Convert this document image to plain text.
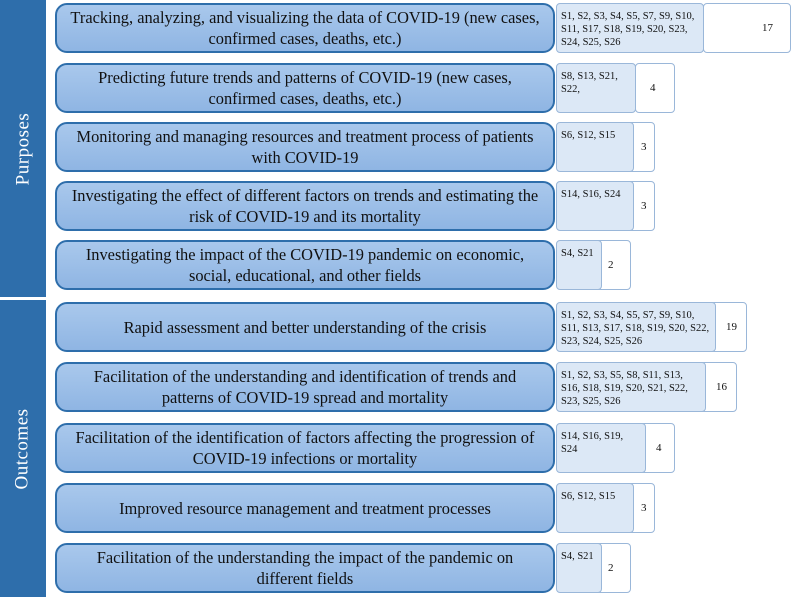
Purposes
Tracking, analyzing, and visualizing the data of COVID-19 (new cases, confirmed cases, deaths, etc.)
17
S1, S2, S3, S4, S5, S7, S9, S10, S11, S17, S18, S19, S20, S23, S24, S25, S26
Predicting future trends and patterns of COVID-19 (new cases, confirmed cases, deaths, etc.)
4
S8, S13, S21, S22,
Monitoring and managing resources and treatment process of patients with COVID-19
3
S6, S12, S15
Investigating the effect of different factors on trends and estimating the risk of COVID-19 and its mortality
3
S14, S16, S24
Investigating the impact of the COVID-19 pandemic on economic, social, educational, and other fields
2
S4, S21
Outcomes
Rapid assessment and better understanding of the crisis	19
S1, S2, S3, S4, S5, S7, S9, S10, S11, S13, S17, S18, S19, S20, S22, S23, S24, S25, S26
Facilitation of the understanding and identification of trends and patterns of COVID-19 spread and mortality
16
S1, S2, S3, S5, S8, S11, S13, S16, S18, S19, S20, S21, S22, S23, S25, S26
Facilitation of the identification of factors affecting the progression of COVID-19 infections or mortality
4
S14, S16, S19, S24
Improved resource management and treatment processes	3
S6, S12, S15
Facilitation of the understanding the impact of the pandemic on different fields
2
S4, S21
